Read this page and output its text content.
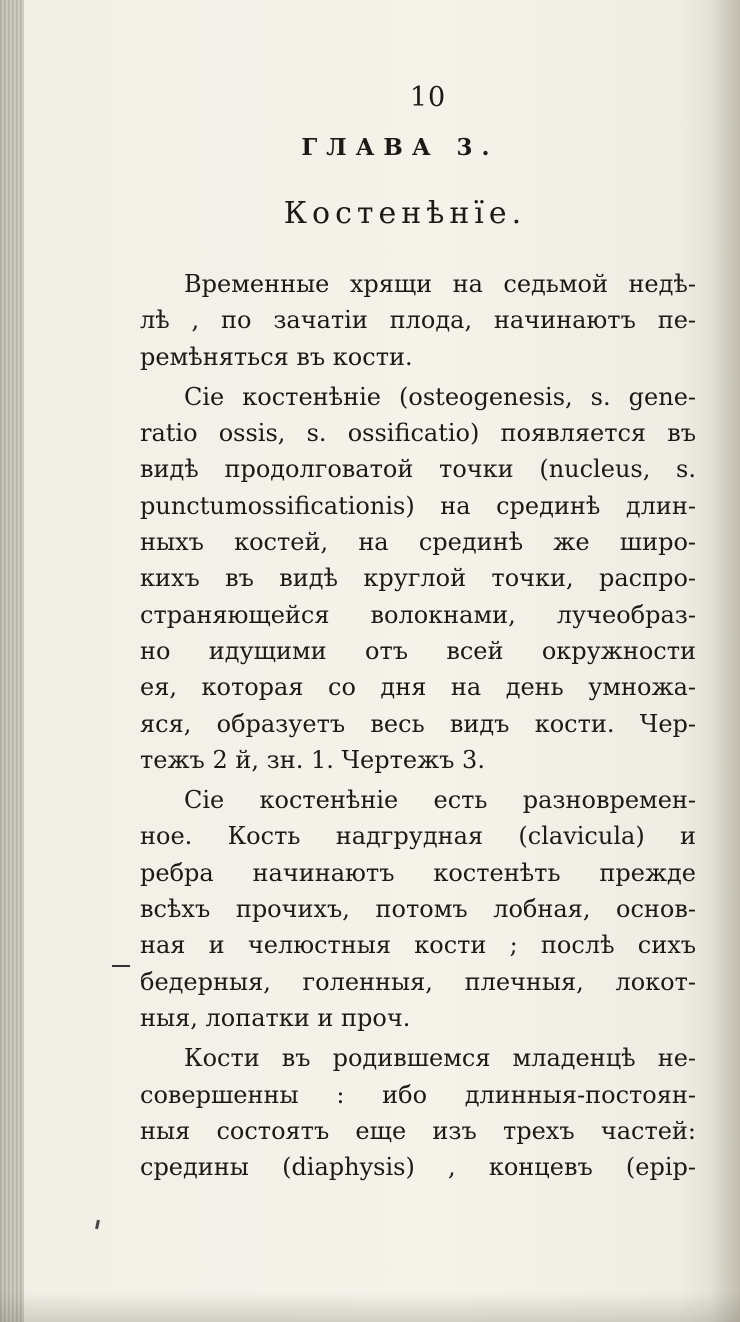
10
ГЛАВА 3.
Костенѣнїе.
Временные хрящи на седьмой недѣ-
лѣ , по зачатіи плода, начинаютъ пе-
ремѣняться въ кости.
Сіе костенѣніе (osteogenesis, s. gene-
ratio ossis, s. ossificatio) появляется въ
видѣ продолговатой точки (nucleus, s.
punctumossificationis) на срединѣ длин-
ныхъ костей, на срединѣ же широ-
кихъ въ видѣ круглой точки, распро-
страняющейся волокнами, лучеобраз-
но идущими отъ всей окружности
ея, которая со дня на день умножа-
яся, образуетъ весь видъ кости. Чер-
тежъ 2 й, зн. 1. Чертежъ 3.
Сіе костенѣніе есть разновремен-
ное. Кость надгрудная (clavicula) и
ребра начинаютъ костенѣть прежде
всѣхъ прочихъ, потомъ лобная, основ-
ная и челюстныя кости ; послѣ сихъ
бедерныя, голенныя, плечныя, локот-
ныя, лопатки и проч.
Кости въ родившемся младенцѣ не-
совершенны : ибо длинныя-постоян-
ныя состоятъ еще изъ трехъ частей:
средины (diaphysis) , концевъ (epip-
